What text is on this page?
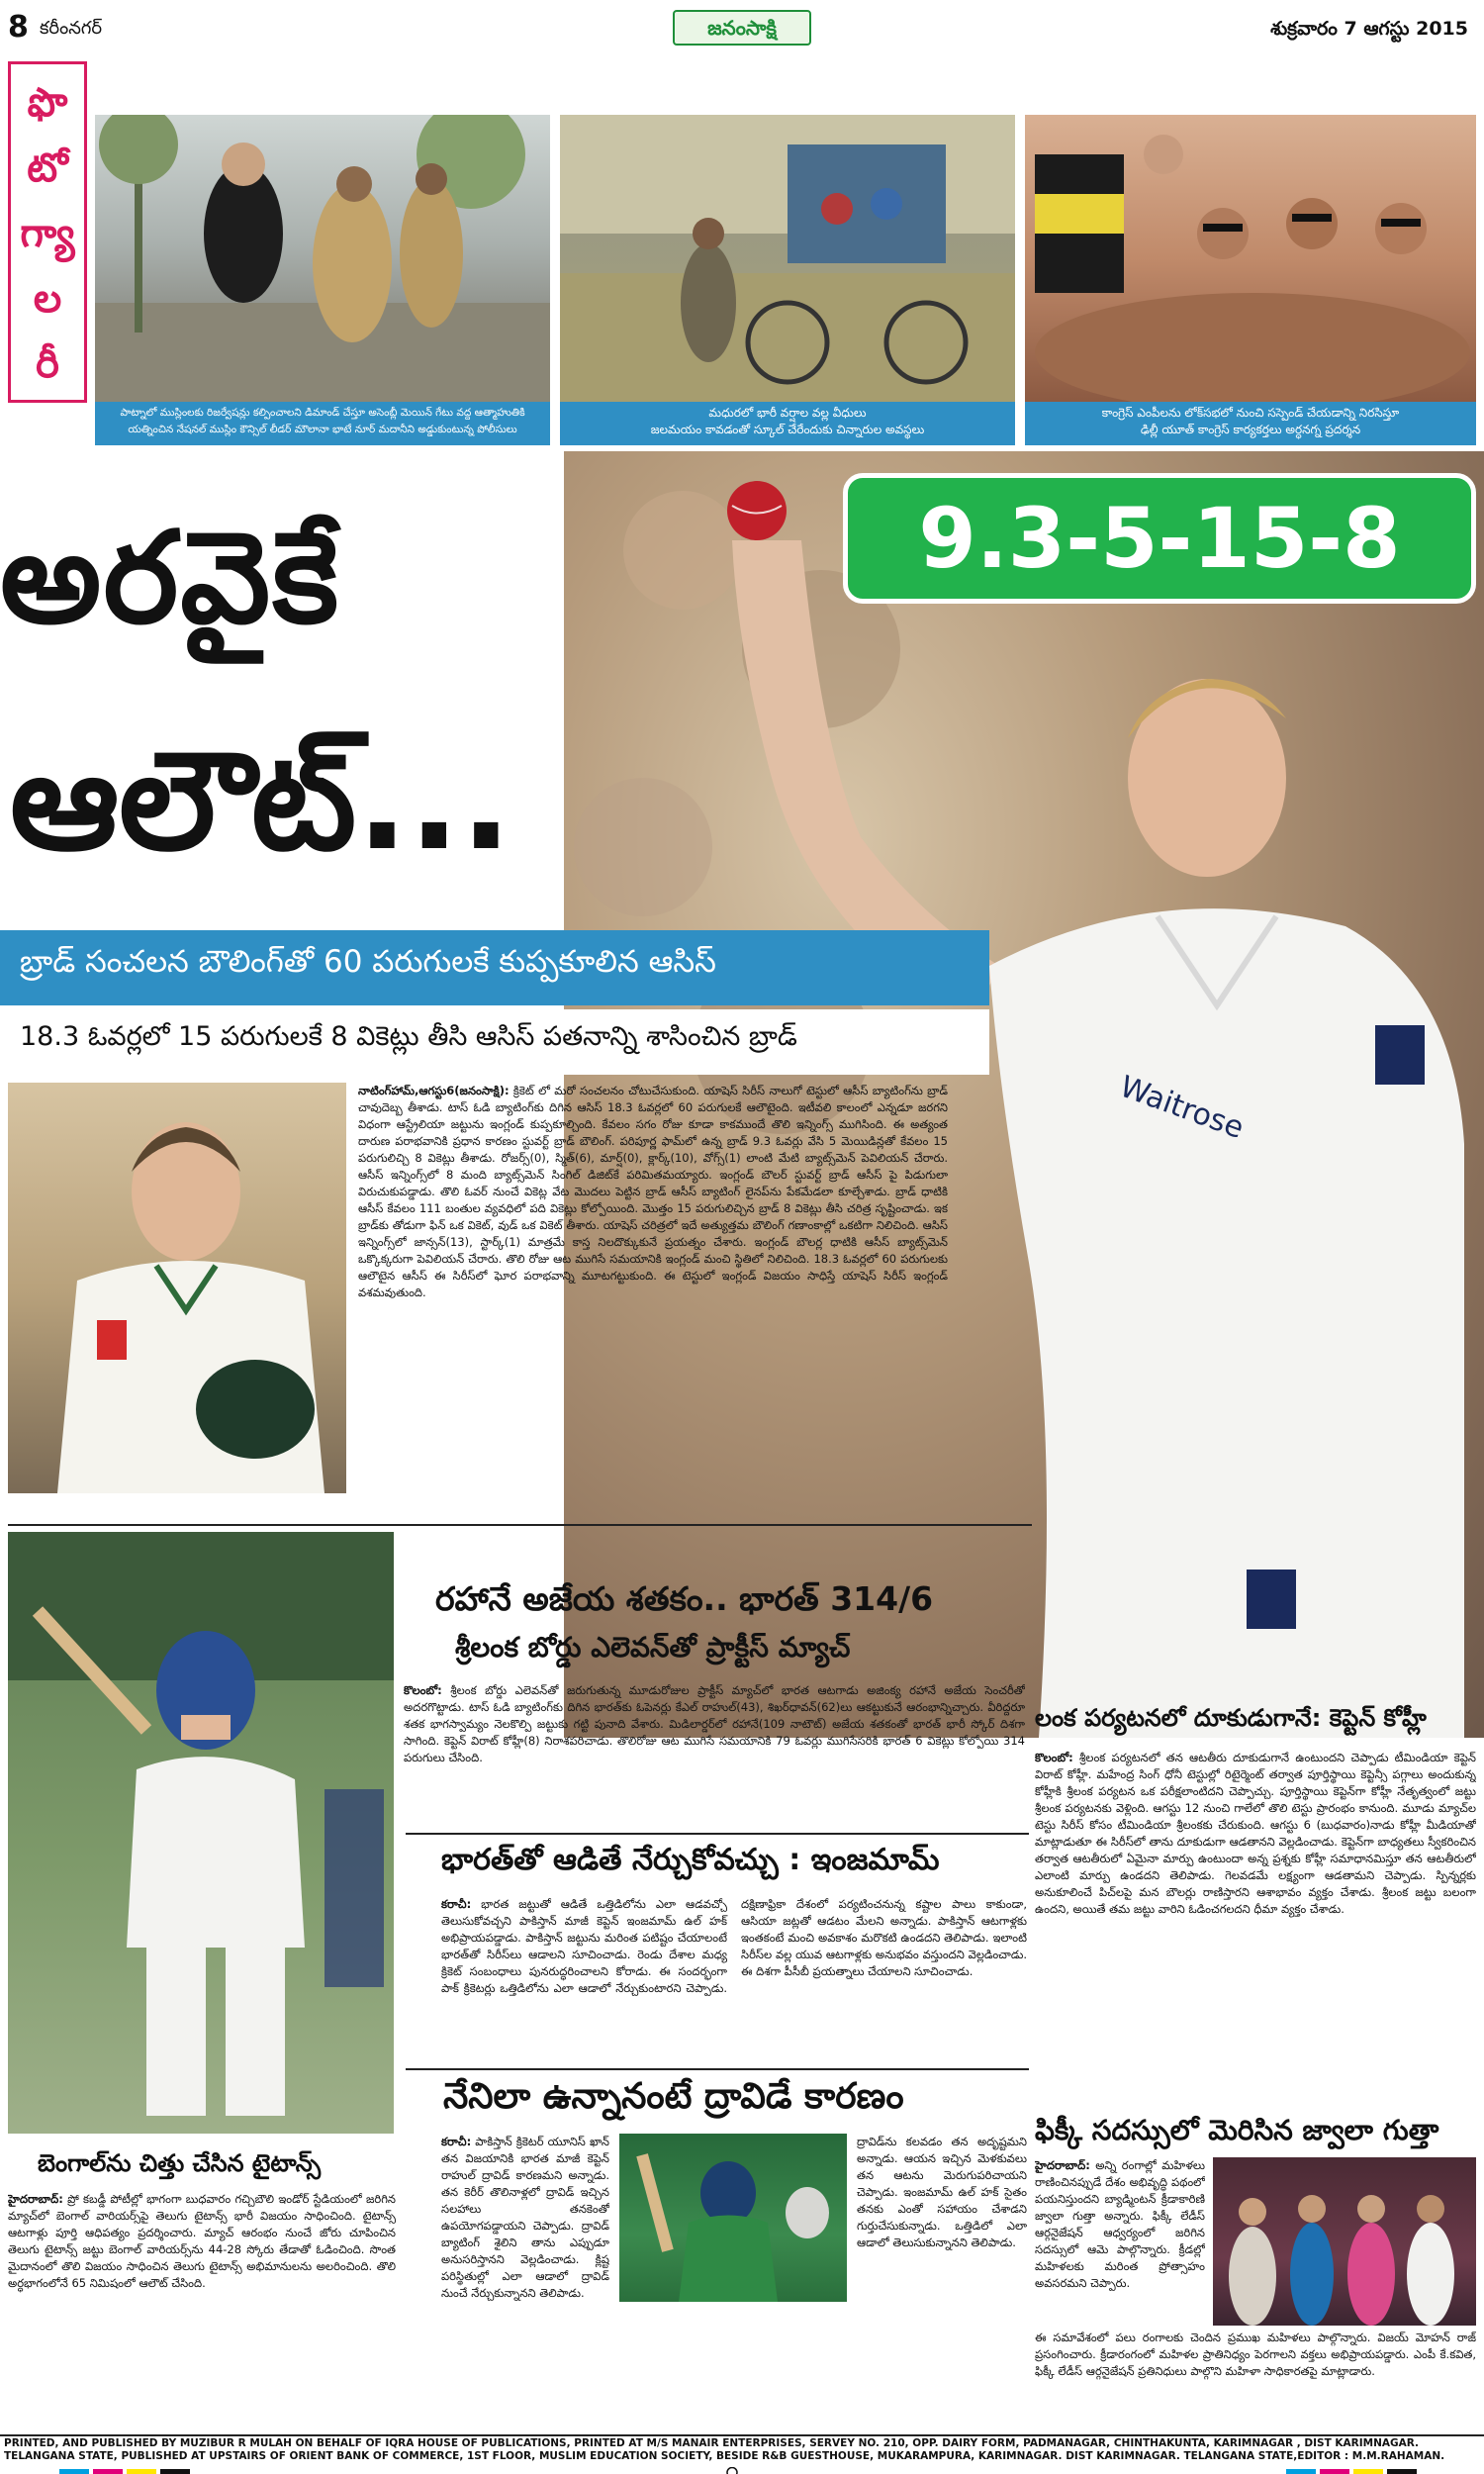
8 కరీంనగర్	జనంసాక్షి	శుక్రవారం 7 ఆగస్టు 2015
ఫొ
టో
గ్యా
ల
రీ
పాట్నాలో ముస్లింలకు రిజర్వేషన్లు కల్పించాలని డిమాండ్ చేస్తూ అసెంబ్లీ మెయిన్ గేటు వద్ద ఆత్మాహుతికి
యత్నించిన నేషనల్ ముస్లిం కౌన్సిల్ లీడర్ మౌలానా భాటే నూర్ మదానీని అడ్డుకుంటున్న పోలీసులు
మధురలో భారీ వర్షాల వల్ల వీధులు
జలమయం కావడంతో స్కూల్ చేరేందుకు చిన్నారుల అవస్థలు
కాంగ్రెస్ ఎంపీలను లోక్‌సభలో నుంచి సస్పెండ్ చేయడాన్ని నిరసిస్తూ
ఢిల్లీ యూత్ కాంగ్రెస్ కార్యకర్తలు అర్ధనగ్న ప్రదర్శన
Waitrose
అరవైకే
ఆలౌట్...
9.3-5-15-8
బ్రాడ్ సంచలన బౌలింగ్‌తో 60 పరుగులకే కుప్పకూలిన ఆసిస్
18.3 ఓవర్లలో 15 పరుగులకే 8 వికెట్లు తీసి ఆసిస్ పతనాన్ని శాసించిన బ్రాడ్
నాటింగ్‌హామ్,ఆగస్టు6(జనంసాక్షి): క్రికెట్ లో మరో సంచలనం చోటుచేసుకుంది. యాషెస్ సిరీస్ నాలుగో టెస్టులో ఆసీస్ బ్యాటింగ్‌ను బ్రాడ్ చావుదెబ్బ తీశాడు. టాస్ ఓడి బ్యాటింగ్‌కు దిగిన ఆసిస్ 18.3 ఓవర్లలో 60 పరుగులకే ఆలౌటైంది. ఇటీవలి కాలంలో ఎన్నడూ జరగని విధంగా ఆస్ట్రేలియా జట్టును ఇంగ్లండ్ కుప్పకూల్చింది. కేవలం సగం రోజు కూడా కాకముందే తొలి ఇన్నింగ్స్ ముగిసింది. ఈ అత్యంత దారుణ పరాభవానికి ప్రధాన కారణం స్టువర్ట్ బ్రాడ్ బౌలింగ్. పరిపూర్ణ ఫామ్‌లో ఉన్న బ్రాడ్ 9.3 ఓవర్లు వేసి 5 మెయిడిన్లతో కేవలం 15 పరుగులిచ్చి 8 వికెట్లు తీశాడు. రోజర్స్(0), స్మిత్(6), మార్ష్(0), క్లార్క్(10), వోగ్స్(1) లాంటి మేటి బ్యాట్స్‌మెన్ పెవిలియన్ చేరారు. ఆసీస్ ఇన్నింగ్స్‌లో 8 మంది బ్యాట్స్‌మెన్ సింగిల్ డిజిట్‌కే పరిమితమయ్యారు. ఇంగ్లండ్ బౌలర్ స్టువర్ట్ బ్రాడ్ ఆసీస్ పై పిడుగులా విరుచుకుపడ్డాడు. తొలి ఓవర్ నుంచే వికెట్ల వేట మొదలు పెట్టిన బ్రాడ్ ఆసీస్ బ్యాటింగ్ లైనప్‌ను పేకమేడలా కూల్చేశాడు. బ్రాడ్ ధాటికి ఆసీస్ కేవలం 111 బంతుల వ్యవధిలో పది వికెట్లు కోల్పోయింది. మొత్తం 15 పరుగులిచ్చిన బ్రాడ్ 8 వికెట్లు తీసి చరిత్ర సృష్టించాడు. ఇక బ్రాడ్‌కు తోడుగా ఫిన్ ఒక వికెట్, వుడ్ ఒక వికెట్ తీశారు. యాషెస్ చరిత్రలో ఇదే అత్యుత్తమ బౌలింగ్ గణాంకాల్లో ఒకటిగా నిలిచింది. ఆసిస్ ఇన్నింగ్స్‌లో జాన్సన్(13), స్టార్క్(1) మాత్రమే కాస్త నిలదొక్కుకునే ప్రయత్నం చేశారు. ఇంగ్లండ్ బౌలర్ల ధాటికి ఆసీస్ బ్యాట్స్‌మెన్ ఒక్కొక్కరుగా పెవిలియన్ చేరారు. తొలి రోజు ఆట ముగిసే సమయానికి ఇంగ్లండ్ మంచి స్థితిలో నిలిచింది. 18.3 ఓవర్లలో 60 పరుగులకు ఆలౌటైన ఆసీస్ ఈ సిరీస్‌లో ఘోర పరాభవాన్ని మూటగట్టుకుంది. ఈ టెస్టులో ఇంగ్లండ్ విజయం సాధిస్తే యాషెస్ సిరీస్ ఇంగ్లండ్ వశమవుతుంది.
రహానే అజేయ శతకం.. భారత్ 314/6
శ్రీలంక బోర్డు ఎలెవన్‌తో ప్రాక్టీస్ మ్యాచ్
కొలంబో: శ్రీలంక బోర్డు ఎలెవన్‌తో జరుగుతున్న మూడురోజుల ప్రాక్టీస్ మ్యాచ్‌లో భారత ఆటగాడు అజింక్య రహానే అజేయ సెంచరీతో అదరగొట్టాడు. టాస్ ఓడి బ్యాటింగ్‌కు దిగిన భారత్‌కు ఓపెనర్లు కేఎల్ రాహుల్(43), శిఖర్‌ధావన్(62)లు ఆకట్టుకునే ఆరంభాన్నిచ్చారు. వీరిద్దరూ శతక భాగస్వామ్యం నెలకొల్పి జట్టుకు గట్టి పునాది వేశారు. మిడిలార్డర్‌లో రహానే(109 నాటౌట్) అజేయ శతకంతో భారత్ భారీ స్కోర్ దిశగా సాగింది. కెప్టెన్ విరాట్ కోహ్లీ(8) నిరాశపరిచాడు. తొలిరోజు ఆట ముగిసే సమయానికి 79 ఓవర్లు ముగిసేసరికి భారత్ 6 వికెట్లు కోల్పోయి 314 పరుగులు చేసింది.
లంక పర్యటనలో దూకుడుగానే: కెప్టెన్ కోహ్లీ
కొలంబో: శ్రీలంక పర్యటనలో తన ఆటతీరు దూకుడుగానే ఉంటుందని చెప్పాడు టీమిండియా కెప్టెన్ విరాట్ కోహ్లీ. మహేంద్ర సింగ్ ధోనీ టెస్టుల్లో రిటైర్మెంట్ తర్వాత పూర్తిస్థాయి కెప్టెన్సీ పగ్గాలు అందుకున్న కోహ్లీకి శ్రీలంక పర్యటన ఒక పరీక్షలాంటిదని చెప్పొచ్చు. పూర్తిస్థాయి కెప్టెన్‌గా కోహ్లీ నేతృత్వంలో జట్టు శ్రీలంక పర్యటనకు వెళ్లింది. ఆగస్టు 12 నుంచి గాలేలో తొలి టెస్టు ప్రారంభం కానుంది. మూడు మ్యాచ్‌ల టెస్టు సిరీస్ కోసం టీమిండియా శ్రీలంకకు చేరుకుంది. ఆగస్టు 6 (బుధవారం)నాడు కోహ్లీ మీడియాతో మాట్లాడుతూ ఈ సిరీస్‌లో తాను దూకుడుగా ఆడతానని వెల్లడించాడు. కెప్టెన్‌గా బాధ్యతలు స్వీకరించిన తర్వాత ఆటతీరులో ఏమైనా మార్పు ఉంటుందా అన్న ప్రశ్నకు కోహ్లీ సమాధానమిస్తూ తన ఆటతీరులో ఎలాంటి మార్పు ఉండదని తెలిపాడు. గెలవడమే లక్ష్యంగా ఆడతామని చెప్పాడు. స్పిన్నర్లకు అనుకూలించే పిచ్‌లపై మన బౌలర్లు రాణిస్తారని ఆశాభావం వ్యక్తం చేశాడు. శ్రీలంక జట్టు బలంగా ఉందని, అయితే తమ జట్టు వారిని ఓడించగలదని ధీమా వ్యక్తం చేశాడు.
భారత్‌తో ఆడితే నేర్చుకోవచ్చు : ఇంజమామ్
కరాచీ: భారత జట్టుతో ఆడితే ఒత్తిడిలోను ఎలా ఆడవచ్చో తెలుసుకోవచ్చని పాకిస్తాన్ మాజీ కెప్టెన్ ఇంజమామ్ ఉల్ హక్ అభిప్రాయపడ్డాడు. పాకిస్తాన్ జట్టును మరింత పటిష్టం చేయాలంటే భారత్‌తో సిరీస్‌లు ఆడాలని సూచించాడు. రెండు దేశాల మధ్య క్రికెట్ సంబంధాలు పునరుద్ధరించాలని కోరాడు. ఈ సందర్భంగా పాక్ క్రికెటర్లు ఒత్తిడిలోను ఎలా ఆడాలో నేర్చుకుంటారని చెప్పాడు. దక్షిణాఫ్రికా దేశంలో పర్యటించనున్న కష్టాల పాలు కాకుండా, ఆసియా జట్లతో ఆడటం మేలని అన్నాడు. పాకిస్తాన్ ఆటగాళ్లకు ఇంతకంటే మంచి అవకాశం మరొకటి ఉండదని తెలిపాడు. ఇలాంటి సిరీస్‌ల వల్ల యువ ఆటగాళ్లకు అనుభవం వస్తుందని వెల్లడించాడు. ఈ దిశగా పీసీబీ ప్రయత్నాలు చేయాలని సూచించాడు.
నేనిలా ఉన్నానంటే ద్రావిడే కారణం
కరాచీ: పాకిస్తాన్ క్రికెటర్ యూనిస్ ఖాన్ తన విజయానికి భారత మాజీ కెప్టెన్ రాహుల్ ద్రావిడ్ కారణమని అన్నాడు. తన కెరీర్ తొలినాళ్లలో ద్రావిడ్ ఇచ్చిన సలహాలు తనకెంతో ఉపయోగపడ్డాయని చెప్పాడు. ద్రావిడ్ బ్యాటింగ్ శైలిని తాను ఎప్పుడూ అనుసరిస్తానని వెల్లడించాడు. క్లిష్ట పరిస్థితుల్లో ఎలా ఆడాలో ద్రావిడ్ నుంచే నేర్చుకున్నానని తెలిపాడు.
ద్రావిడ్‌ను కలవడం తన అదృష్టమని అన్నాడు. ఆయన ఇచ్చిన మెళకువలు తన ఆటను మెరుగుపరిచాయని చెప్పాడు. ఇంజమామ్ ఉల్ హక్ సైతం తనకు ఎంతో సహాయం చేశాడని గుర్తుచేసుకున్నాడు. ఒత్తిడిలో ఎలా ఆడాలో తెలుసుకున్నానని తెలిపాడు.
బెంగాల్‌ను చిత్తు చేసిన టైటాన్స్
హైదరాబాద్: ప్రో కబడ్డీ పోటీల్లో భాగంగా బుధవారం గచ్చిబౌలి ఇండోర్ స్టేడియంలో జరిగిన మ్యాచ్‌లో బెంగాల్ వారియర్స్‌పై తెలుగు టైటాన్స్ భారీ విజయం సాధించింది. టైటాన్స్ ఆటగాళ్లు పూర్తి ఆధిపత్యం ప్రదర్శించారు. మ్యాచ్ ఆరంభం నుంచే జోరు చూపించిన తెలుగు టైటాన్స్ జట్టు బెంగాల్ వారియర్స్‌ను 44-28 స్కోరు తేడాతో ఓడించింది. సొంత మైదానంలో తొలి విజయం సాధించిన తెలుగు టైటాన్స్ అభిమానులను అలరించింది. తొలి అర్ధభాగంలోనే 65 నిమిషంలో ఆలౌట్ చేసింది.
ఫిక్కీ సదస్సులో మెరిసిన జ్వాలా గుత్తా
హైదరాబాద్: అన్ని రంగాల్లో మహిళలు రాణించినప్పుడే దేశం అభివృద్ధి పథంలో పయనిస్తుందని బ్యాడ్మింటన్ క్రీడాకారిణి జ్వాలా గుత్తా అన్నారు. ఫిక్కీ లేడీస్ ఆర్గనైజేషన్ ఆధ్వర్యంలో జరిగిన సదస్సులో ఆమె పాల్గొన్నారు. క్రీడల్లో మహిళలకు మరింత ప్రోత్సాహం అవసరమని చెప్పారు.
ఈ సమావేశంలో పలు రంగాలకు చెందిన ప్రముఖ మహిళలు పాల్గొన్నారు. విజయ్ మోహన్ రాజ్ ప్రసంగించారు. క్రీడారంగంలో మహిళల ప్రాతినిధ్యం పెరగాలని వక్తలు అభిప్రాయపడ్డారు. ఎంపీ కే.కవిత, ఫిక్కీ లేడీస్ ఆర్గనైజేషన్ ప్రతినిధులు పాల్గొని మహిళా సాధికారతపై మాట్లాడారు.
PRINTED, AND PUBLISHED BY MUZIBUR R MULAH ON BEHALF OF IQRA HOUSE OF PUBLICATIONS, PRINTED AT M/S MANAIR ENTERPRISES, SERVEY NO. 210, OPP. DAIRY FORM, PADMANAGAR, CHINTHAKUNTA, KARIMNAGAR , DIST KARIMNAGAR.
TELANGANA STATE, PUBLISHED AT UPSTAIRS OF ORIENT BANK OF COMMERCE, 1ST FLOOR, MUSLIM EDUCATION SOCIETY, BESIDE R&B GUESTHOUSE, MUKARAMPURA, KARIMNAGAR. DIST KARIMNAGAR. TELANGANA STATE,EDITOR : M.M.RAHAMAN.
